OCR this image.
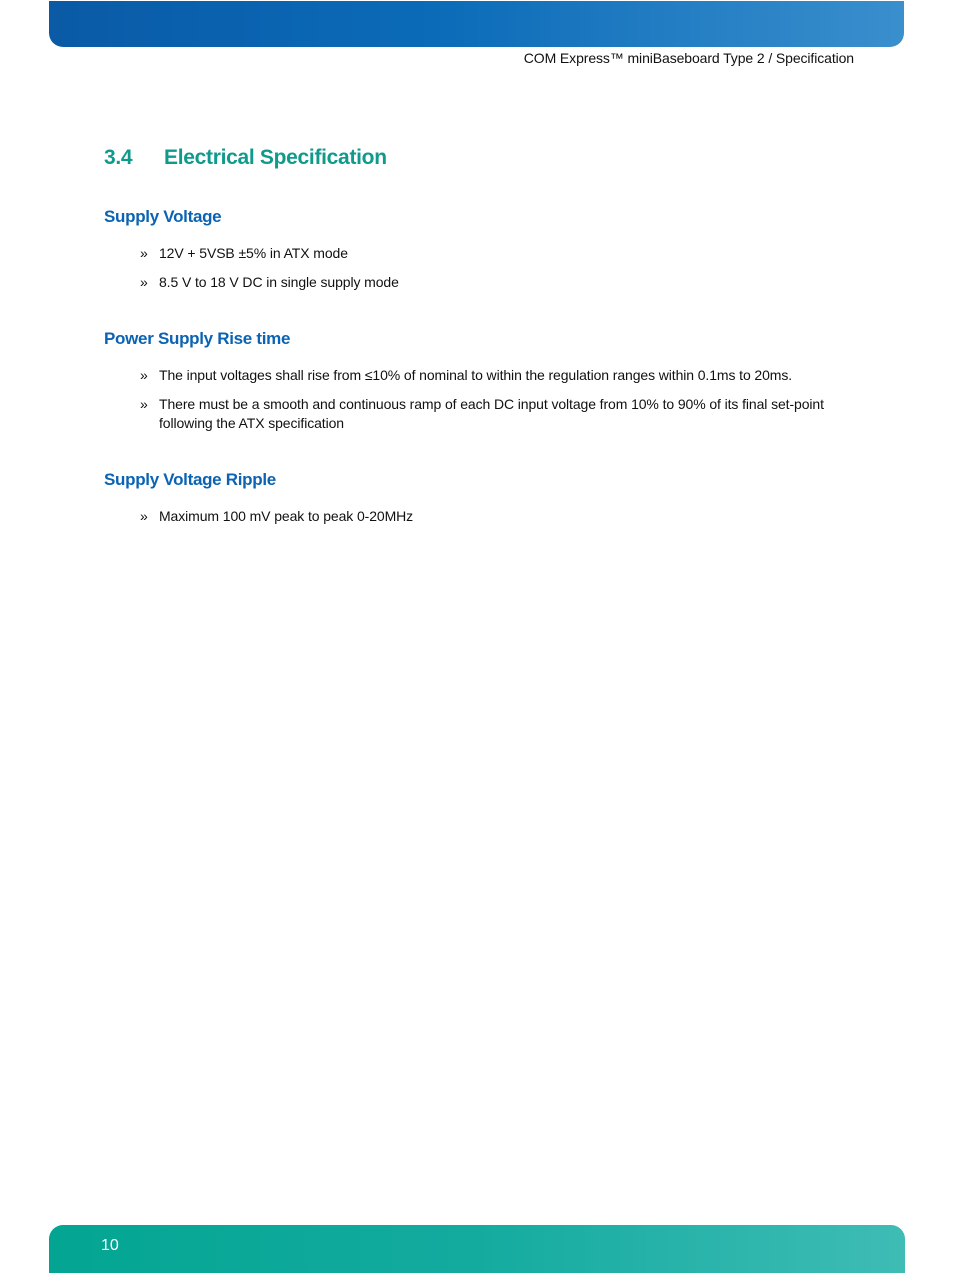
COM Express™ miniBaseboard Type 2 / Specification
3.4 Electrical Specification
Supply Voltage
» 12V + 5VSB ±5% in ATX mode
» 8.5 V to 18 V DC in single supply mode
Power Supply Rise time
» The input voltages shall rise from ≤10% of nominal to within the regulation ranges within 0.1ms to 20ms.
» There must be a smooth and continuous ramp of each DC input voltage from 10% to 90% of its final set-point following the ATX specification
Supply Voltage Ripple
» Maximum 100 mV peak to peak 0-20MHz
10
